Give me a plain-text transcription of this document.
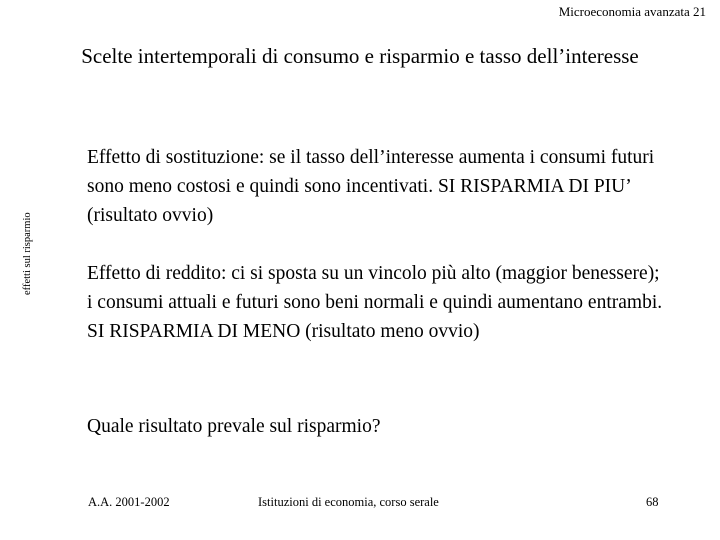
Microeconomia avanzata 21
Scelte intertemporali di consumo e risparmio e tasso dell’interesse
effetti sul risparmio
Effetto di sostituzione: se il tasso dell’interesse aumenta i consumi futuri sono meno costosi e quindi sono incentivati. SI RISPARMIA DI PIU’ (risultato ovvio)
Effetto di reddito: ci si sposta su un vincolo più alto (maggior benessere); i consumi attuali e futuri sono beni normali e quindi aumentano entrambi. SI RISPARMIA DI MENO (risultato meno ovvio)
Quale risultato prevale sul risparmio?
A.A. 2001-2002	Istituzioni di economia, corso serale	68
